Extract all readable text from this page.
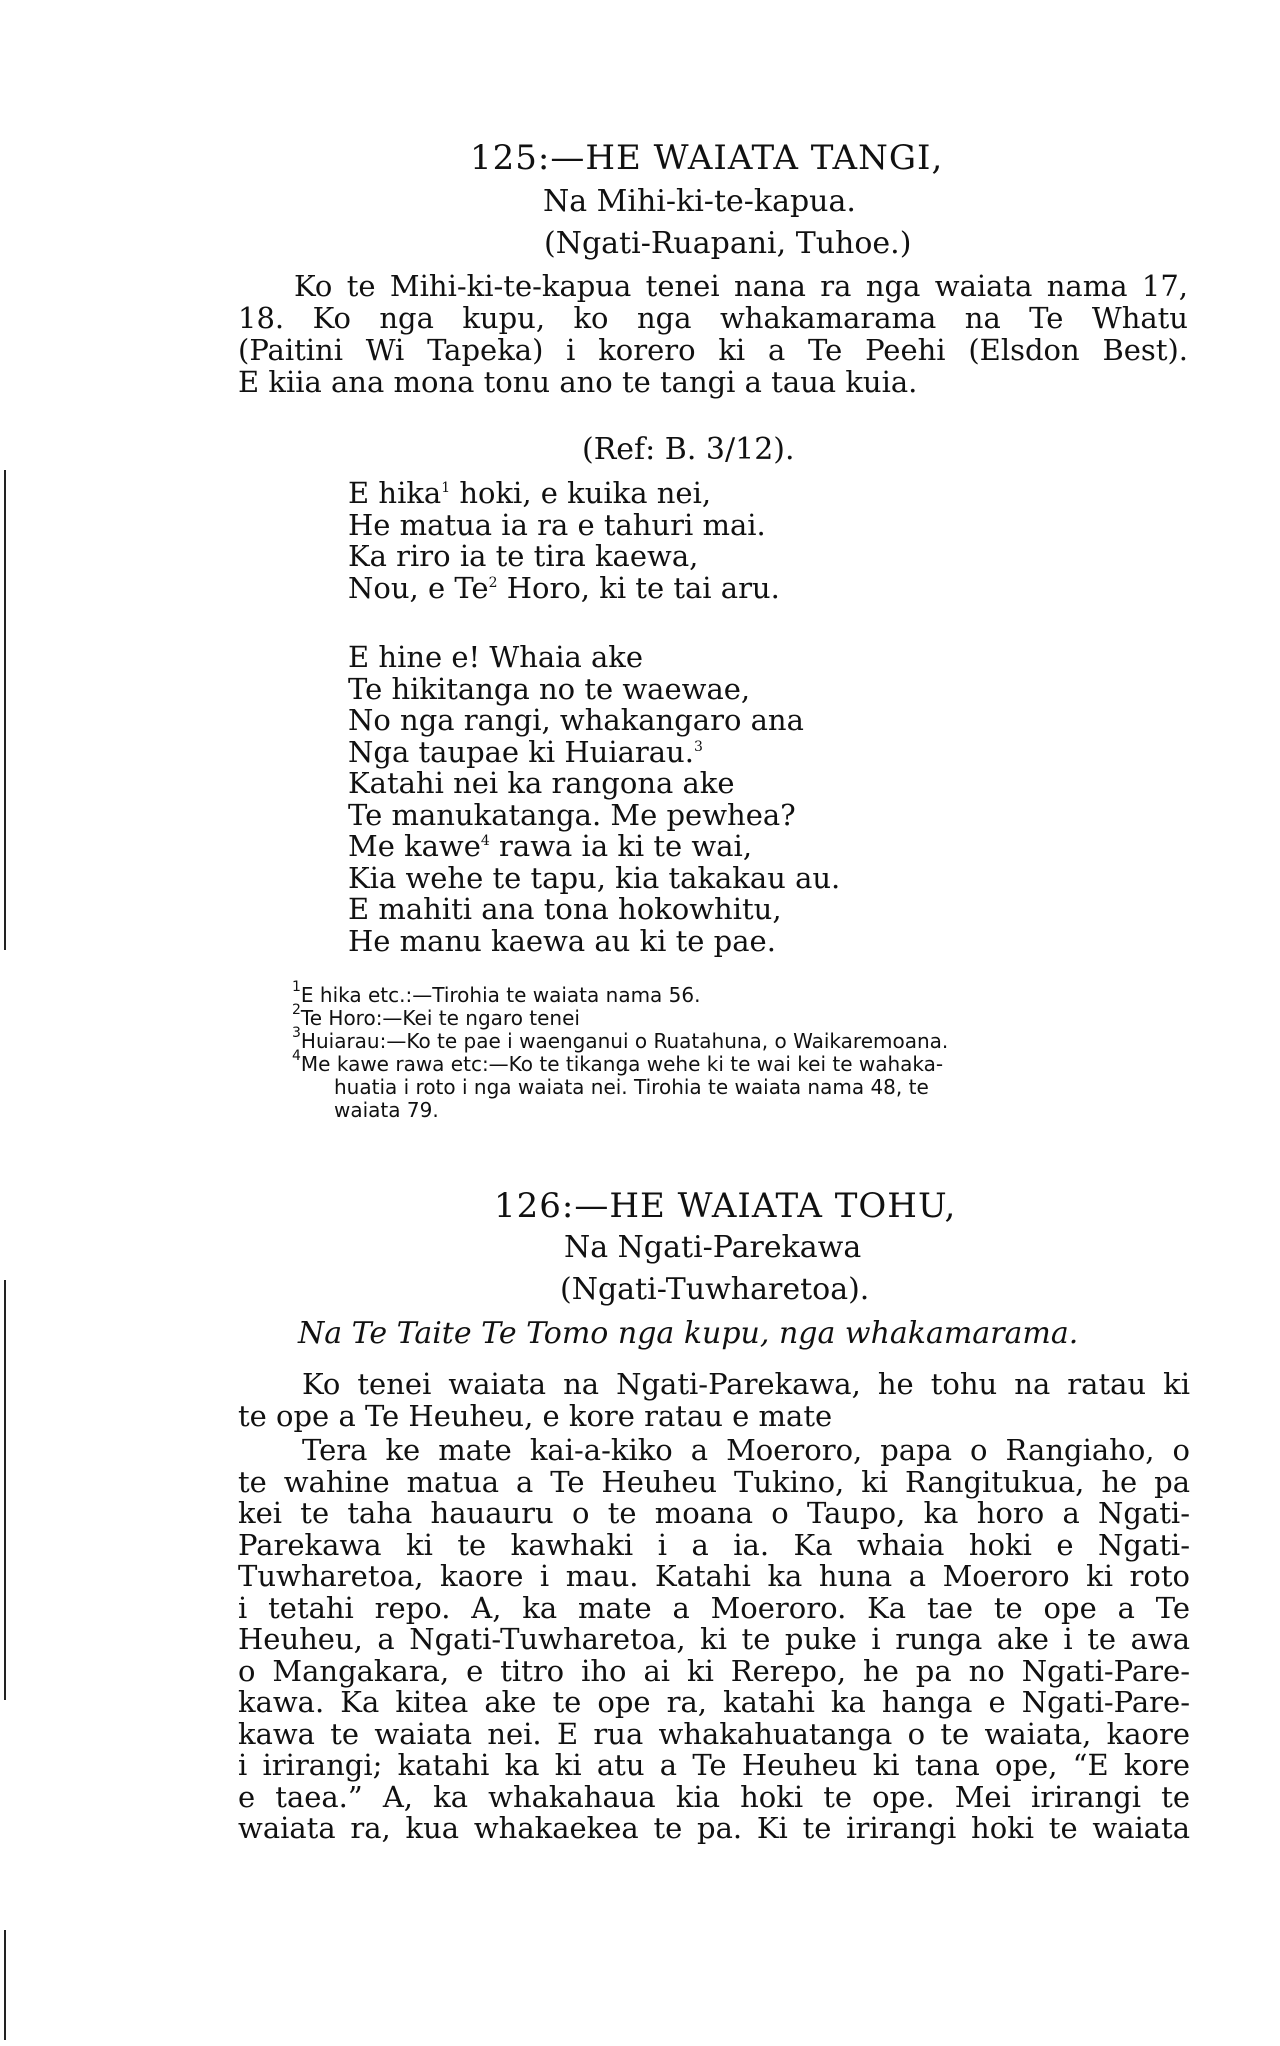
125:—HE WAIATA TANGI,
Na Mihi-ki-te-kapua.
(Ngati-Ruapani, Tuhoe.)
Ko te Mihi-ki-te-kapua tenei nana ra nga waiata nama 17,
18. Ko nga kupu, ko nga whakamarama na Te Whatu
(Paitini Wi Tapeka) i korero ki a Te Peehi (Elsdon Best).
E kiia ana mona tonu ano te tangi a taua kuia.
(Ref: B. 3/12).
E hika$^1$ hoki, e kuika nei,
He matua ia ra e tahuri mai.
Ka riro ia te tira kaewa,
Nou, e Te$^2$ Horo, ki te tai aru.
E hine e! Whaia ake
Te hikitanga no te waewae,
No nga rangi, whakangaro ana
Nga taupae ki Huiarau.$^3$
Katahi nei ka rangona ake
Te manukatanga. Me pewhea?
Me kawe$^4$ rawa ia ki te wai,
Kia wehe te tapu, kia takakau au.
E mahiti ana tona hokowhitu,
He manu kaewa au ki te pae.
$^1$E hika etc.:—Tirohia te waiata nama 56.
$^2$Te Horo:—Kei te ngaro tenei
$^3$Huiarau:—Ko te pae i waenganui o Ruatahuna, o Waikaremoana.
$^4$Me kawe rawa etc:—Ko te tikanga wehe ki te wai kei te wahaka-
huatia i roto i nga waiata nei. Tirohia te waiata nama 48, te
waiata 79.
126:—HE WAIATA TOHU,
Na Ngati-Parekawa
(Ngati-Tuwharetoa).
Na Te Taite Te Tomo nga kupu, nga whakamarama.
Ko tenei waiata na Ngati-Parekawa, he tohu na ratau ki
te ope a Te Heuheu, e kore ratau e mate
Tera ke mate kai-a-kiko a Moeroro, papa o Rangiaho, o
te wahine matua a Te Heuheu Tukino, ki Rangitukua, he pa
kei te taha hauauru o te moana o Taupo, ka horo a Ngati-
Parekawa ki te kawhaki i a ia. Ka whaia hoki e Ngati-
Tuwharetoa, kaore i mau. Katahi ka huna a Moeroro ki roto
i tetahi repo. A, ka mate a Moeroro. Ka tae te ope a Te
Heuheu, a Ngati-Tuwharetoa, ki te puke i runga ake i te awa
o Mangakara, e titro iho ai ki Rerepo, he pa no Ngati-Pare-
kawa. Ka kitea ake te ope ra, katahi ka hanga e Ngati-Pare-
kawa te waiata nei. E rua whakahuatanga o te waiata, kaore
i irirangi; katahi ka ki atu a Te Heuheu ki tana ope, “E kore
e taea.” A, ka whakahaua kia hoki te ope. Mei irirangi te
waiata ra, kua whakaekea te pa. Ki te irirangi hoki te waiata
